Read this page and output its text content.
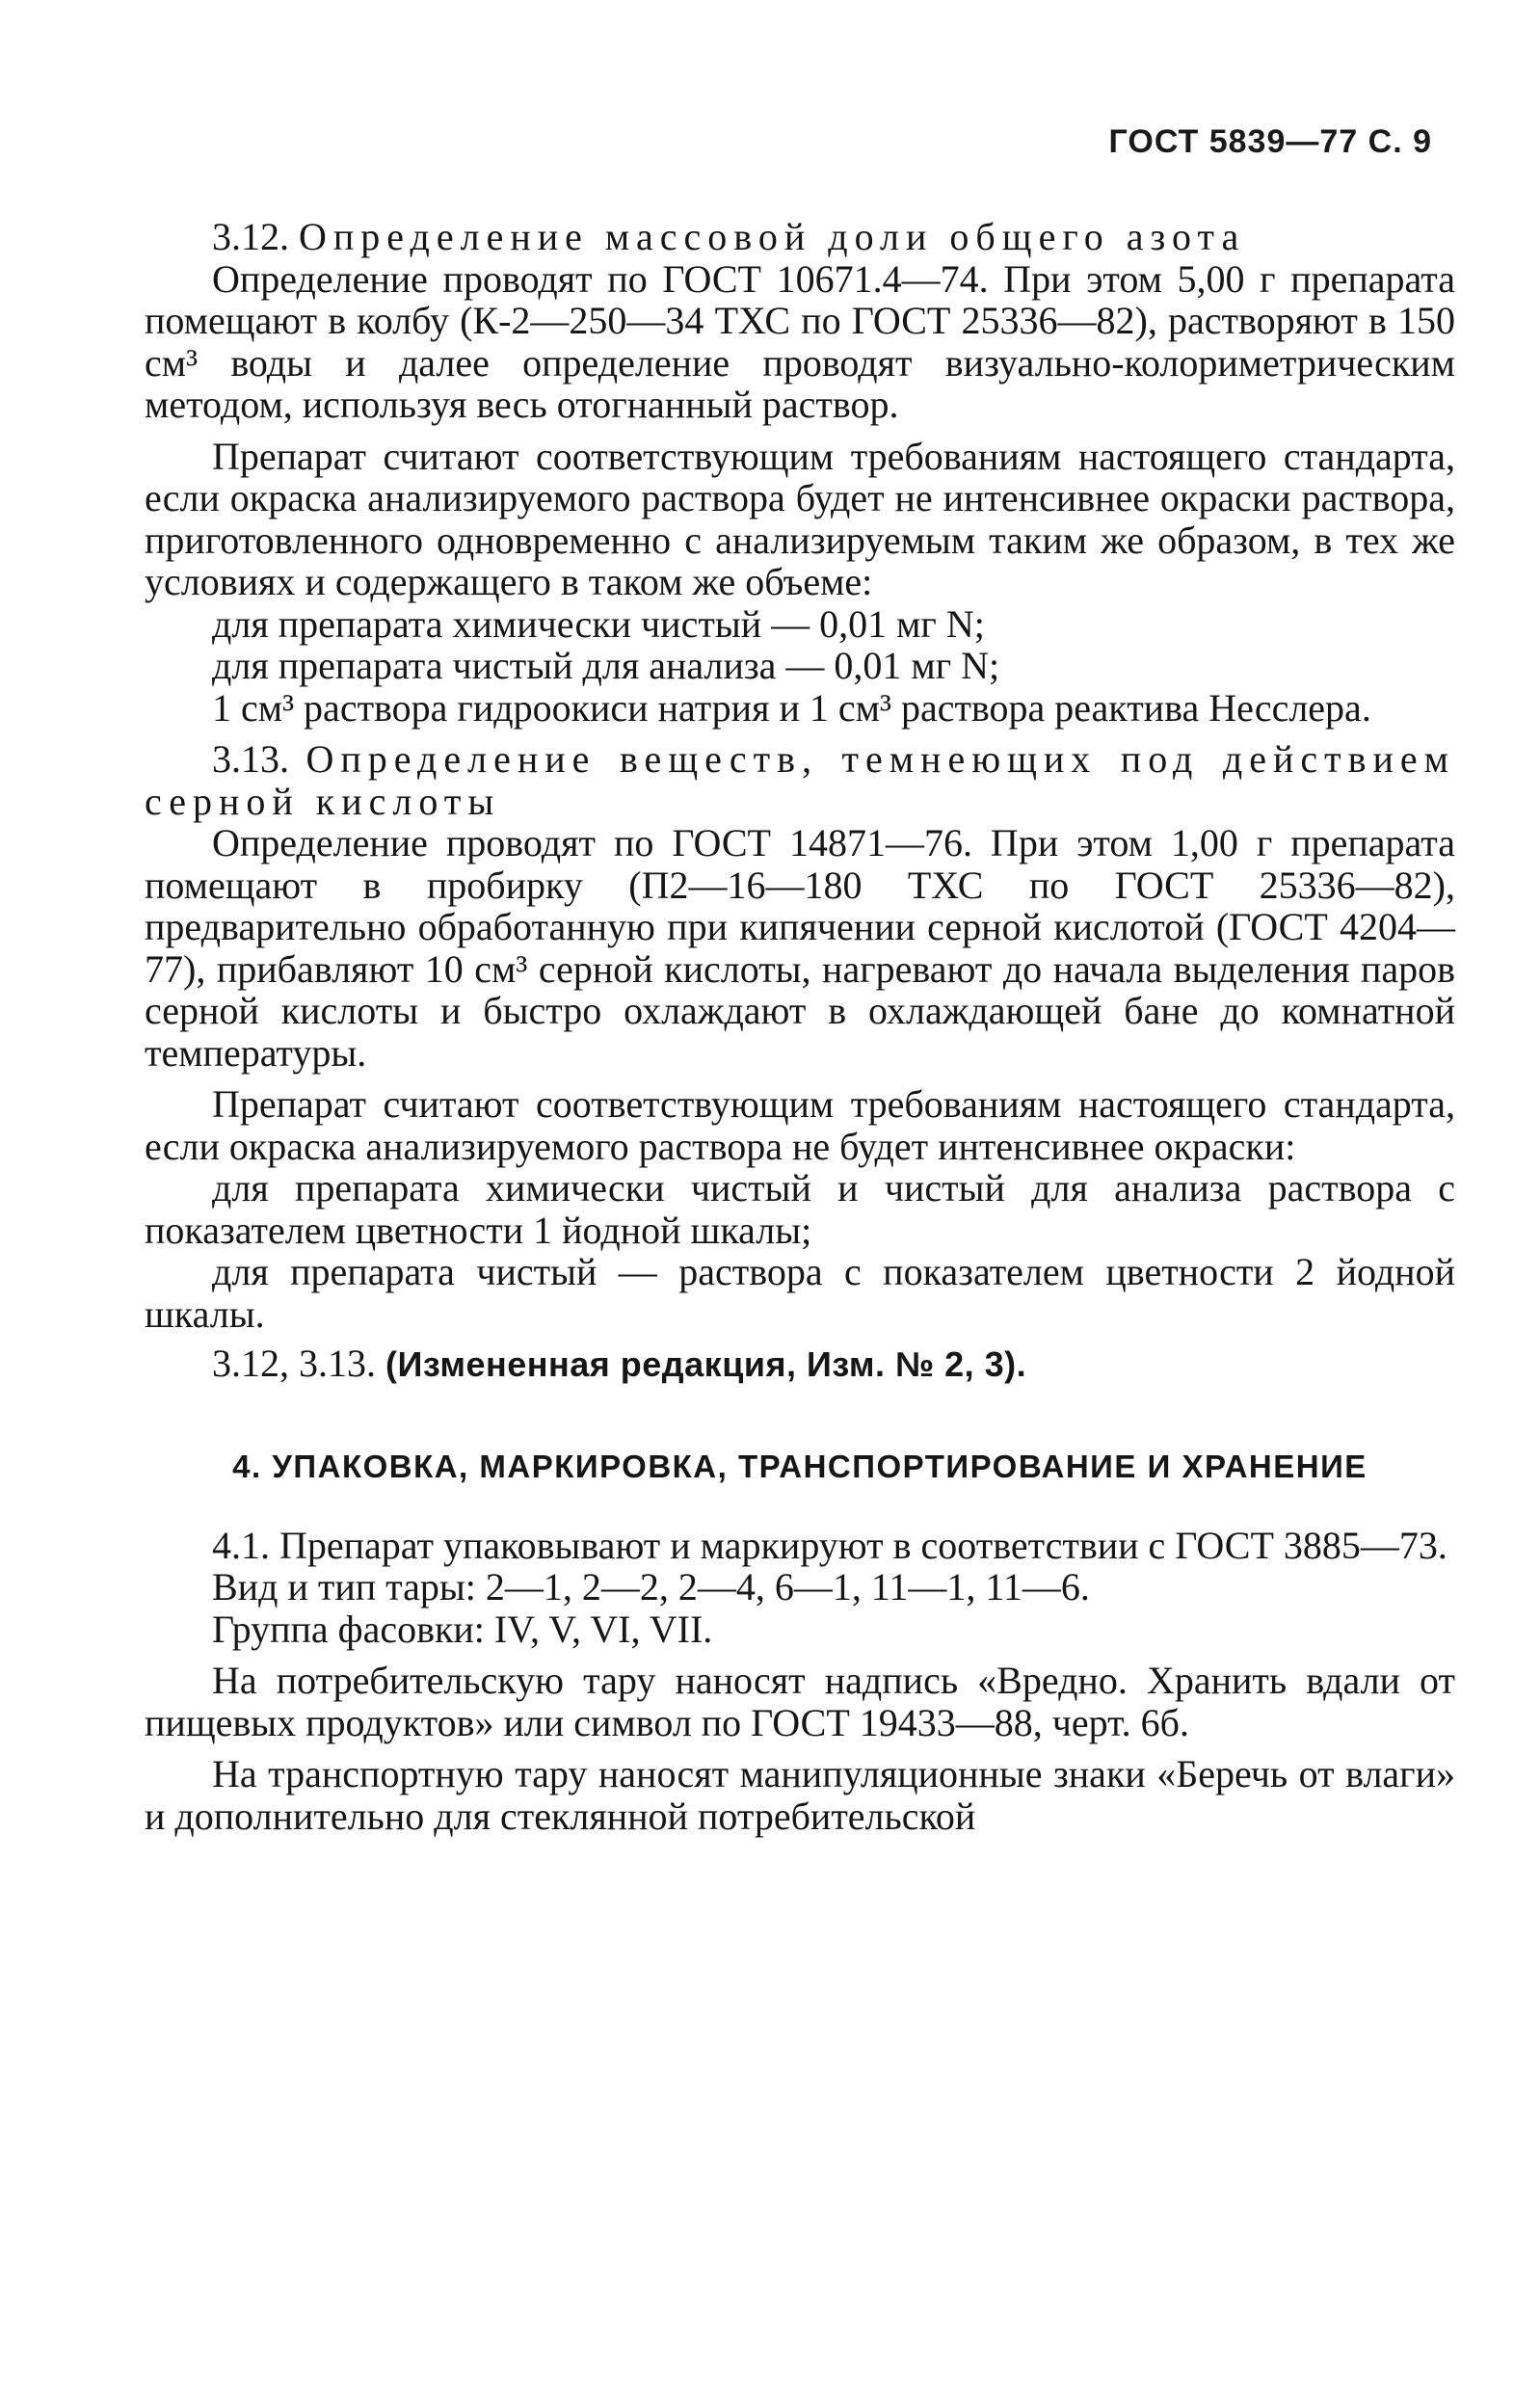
ГОСТ 5839—77 С. 9

3.12. Определение массовой доли общего азота

Определение проводят по ГОСТ 10671.4—74. При этом 5,00 г препарата помещают в колбу (К-2—250—34 ТХС по ГОСТ 25336—82), растворяют в 150 см³ воды и далее определение проводят визуально-колориметрическим методом, используя весь отогнанный раствор.

Препарат считают соответствующим требованиям настоящего стандарта, если окраска анализируемого раствора будет не интенсивнее окраски раствора, приготовленного одновременно с анализируемым таким же образом, в тех же условиях и содержащего в таком же объеме:

для препарата химически чистый — 0,01 мг N;

для препарата чистый для анализа — 0,01 мг N;

1 см³ раствора гидроокиси натрия и 1 см³ раствора реактива Несслера.

3.13. Определение веществ, темнеющих под действием серной кислоты

Определение проводят по ГОСТ 14871—76. При этом 1,00 г препарата помещают в пробирку (П2—16—180 ТХС по ГОСТ 25336—82), предварительно обработанную при кипячении серной кислотой (ГОСТ 4204—77), прибавляют 10 см³ серной кислоты, нагревают до начала выделения паров серной кислоты и быстро охлаждают в охлаждающей бане до комнатной температуры.

Препарат считают соответствующим требованиям настоящего стандарта, если окраска анализируемого раствора не будет интенсивнее окраски:

для препарата химически чистый и чистый для анализа раствора с показателем цветности 1 йодной шкалы;

для препарата чистый — раствора с показателем цветности 2 йодной шкалы.

3.12, 3.13. (Измененная редакция, Изм. № 2, 3).

4. УПАКОВКА, МАРКИРОВКА, ТРАНСПОРТИРОВАНИЕ И ХРАНЕНИЕ

4.1. Препарат упаковывают и маркируют в соответствии с ГОСТ 3885—73.

Вид и тип тары: 2—1, 2—2, 2—4, 6—1, 11—1, 11—6.

Группа фасовки: IV, V, VI, VII.

На потребительскую тару наносят надпись «Вредно. Хранить вдали от пищевых продуктов» или символ по ГОСТ 19433—88, черт. 6б.

На транспортную тару наносят манипуляционные знаки «Беречь от влаги» и дополнительно для стеклянной потребительской
